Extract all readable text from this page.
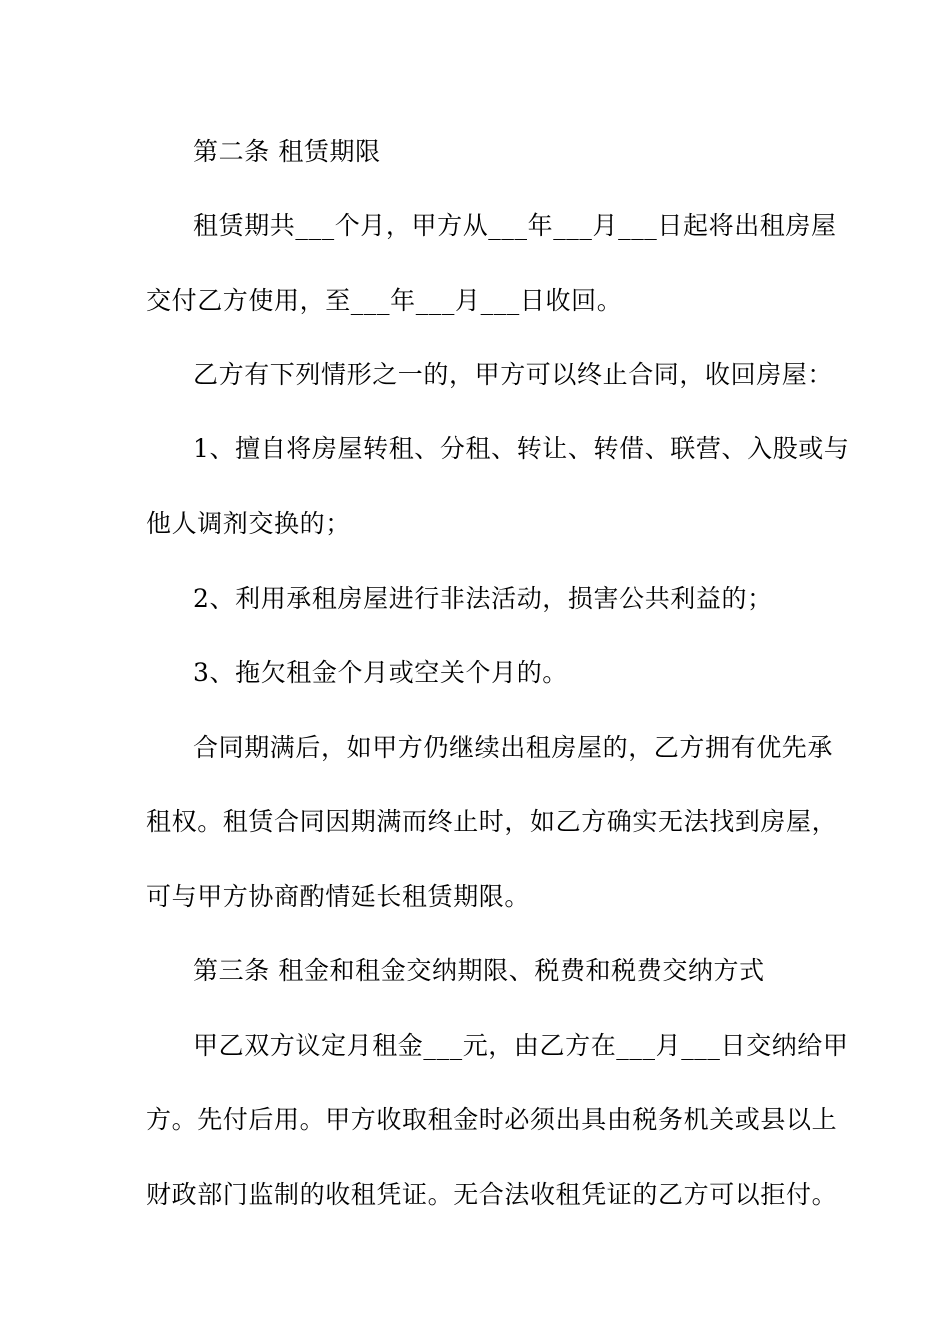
第二条 租赁期限
租赁期共___个月，甲方从___年___月___日起将出租房屋
交付乙方使用，至___年___月___日收回。
乙方有下列情形之一的，甲方可以终止合同，收回房屋：
1、擅自将房屋转租、分租、转让、转借、联营、入股或与
他人调剂交换的；
2、利用承租房屋进行非法活动，损害公共利益的；
3、拖欠租金个月或空关个月的。
合同期满后，如甲方仍继续出租房屋的，乙方拥有优先承
租权。租赁合同因期满而终止时，如乙方确实无法找到房屋，
可与甲方协商酌情延长租赁期限。
第三条 租金和租金交纳期限、税费和税费交纳方式
甲乙双方议定月租金___元，由乙方在___月___日交纳给甲
方。先付后用。甲方收取租金时必须出具由税务机关或县以上
财政部门监制的收租凭证。无合法收租凭证的乙方可以拒付。
